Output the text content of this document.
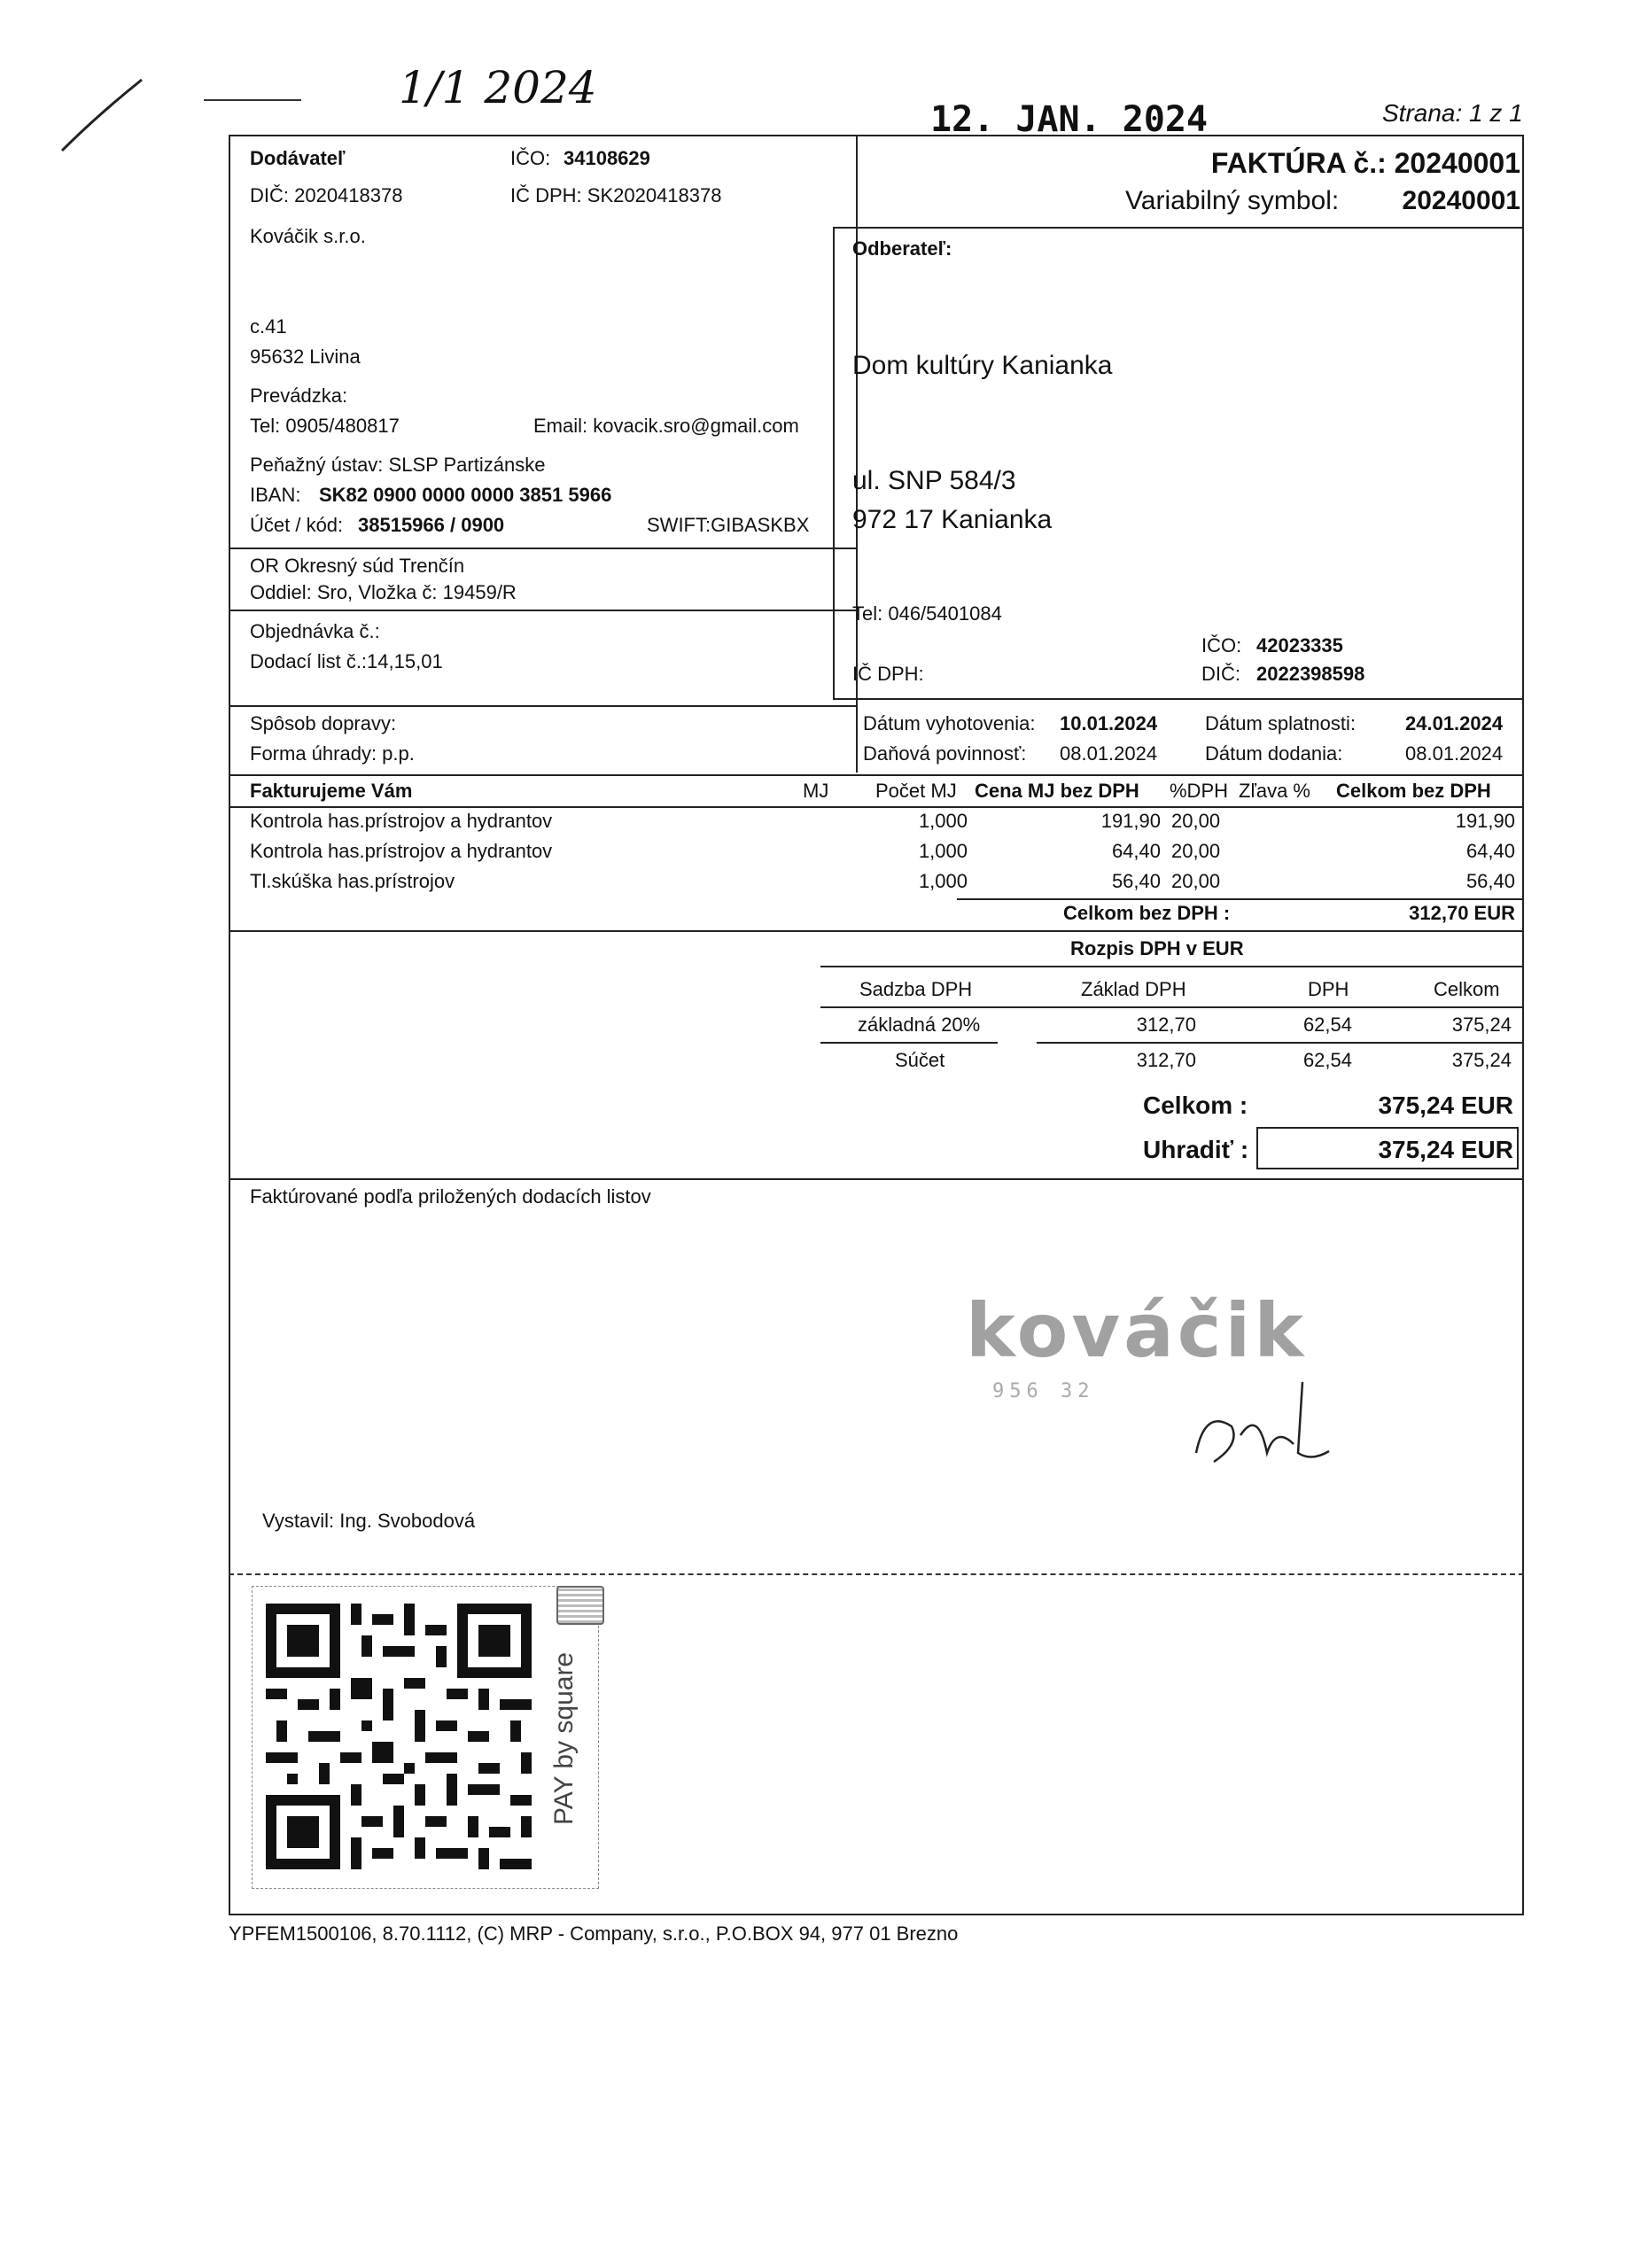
1/1 2024
12. JAN. 2024	Strana: 1 z 1
FAKTÚRA č.: 20240001
Variabilný symbol:	20240001
Dodávateľ	IČO: 34108629
DIČ: 2020418378	IČ DPH: SK2020418378
Kováčik s.r.o.
c.41
95632 Livina
Prevádzka:
Tel: 0905/480817	Email: kovacik.sro@gmail.com
Peňažný ústav: SLSP Partizánske
IBAN: SK82 0900 0000 0000 3851 5966
Účet / kód: 38515966 / 0900	SWIFT:GIBASKBX
OR Okresný súd Trenčín
Oddiel: Sro, Vložka č: 19459/R
Objednávka č.:
Dodací list č.:14,15,01
Odberateľ:
Dom kultúry Kanianka
ul. SNP 584/3
972 17 Kanianka
Tel: 046/5401084
IČO: 42023335
IČ DPH:	DIČ: 2022398598
Spôsob dopravy:
Forma úhrady: p.p.
Dátum vyhotovenia: 10.01.2024 Dátum splatnosti:	24.01.2024
Daňová povinnosť: 08.01.2024 Dátum dodania:	08.01.2024
Fakturujeme Vám	MJ Počet MJ Cena MJ bez DPH %DPH Zľava % Celkom bez DPH
Kontrola has.prístrojov a hydrantov	1,000	191,90 20,00	191,90
Kontrola has.prístrojov a hydrantov	1,000	64,40 20,00	64,40
Tl.skúška has.prístrojov	1,000	56,40 20,00	56,40
Celkom bez DPH :	312,70 EUR
Rozpis DPH v EUR
Sadzba DPH	Základ DPH	DPH	Celkom
základná 20%	312,70	62,54	375,24
Súčet	312,70	62,54	375,24
Celkom :	375,24 EUR
Uhradiť :	375,24 EUR
Faktúrované podľa priložených dodacích listov
kováčik
956 32
Vystavil: Ing. Svobodová
PAY by square
YPFEM1500106, 8.70.1112, (C) MRP - Company, s.r.o., P.O.BOX 94, 977 01 Brezno
